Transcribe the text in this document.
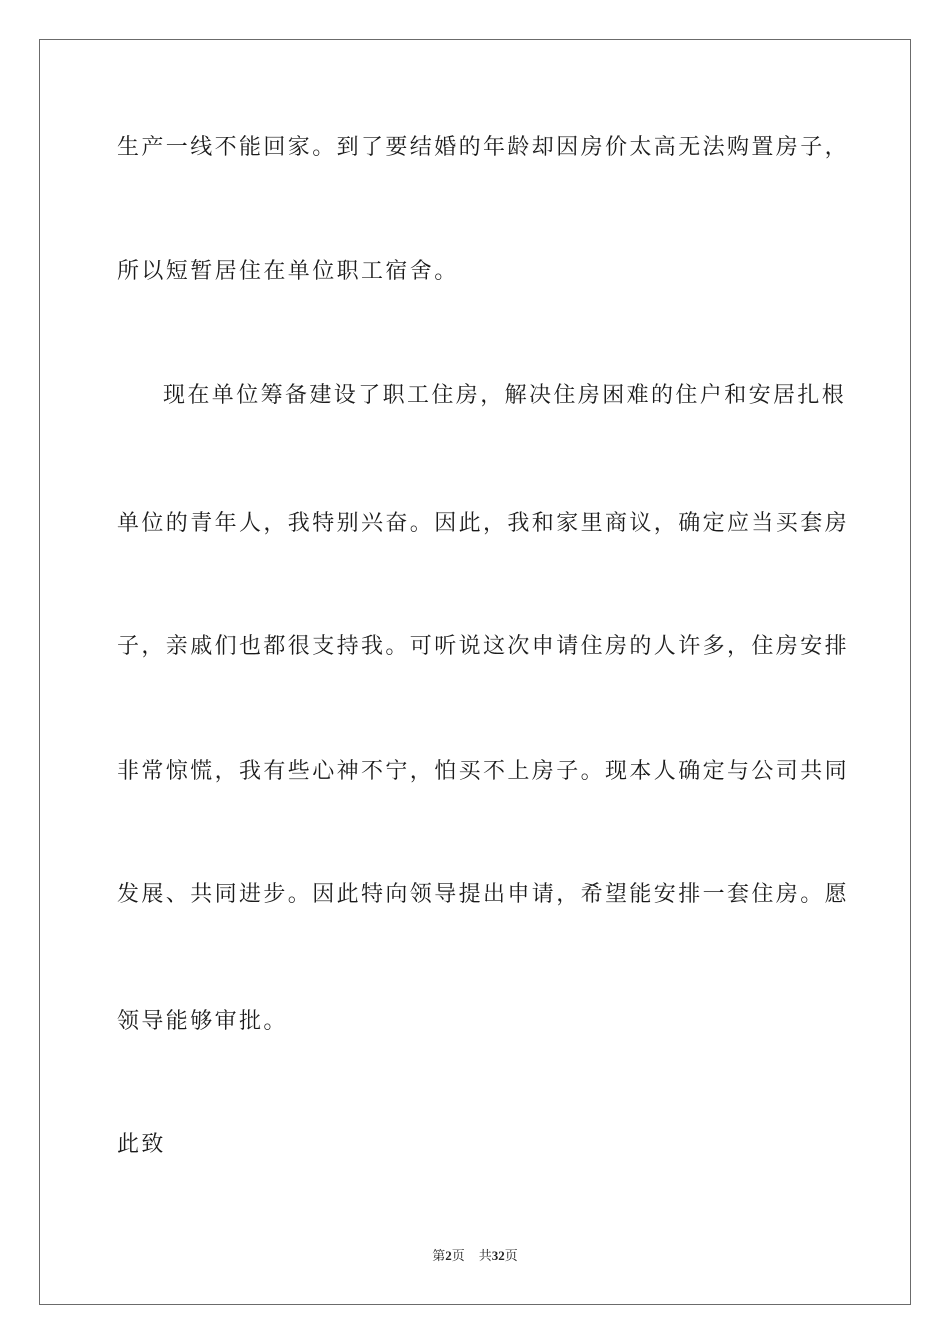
生产一线不能回家。到了要结婚的年龄却因房价太高无法购置房子，
所以短暂居住在单位职工宿舍。
现在单位筹备建设了职工住房，解决住房困难的住户和安居扎根
单位的青年人，我特别兴奋。因此，我和家里商议，确定应当买套房
子，亲戚们也都很支持我。可听说这次申请住房的人许多，住房安排
非常惊慌，我有些心神不宁，怕买不上房子。现本人确定与公司共同
发展、共同进步。因此特向领导提出申请，希望能安排一套住房。愿
领导能够审批。
此致
第2页 共32页
